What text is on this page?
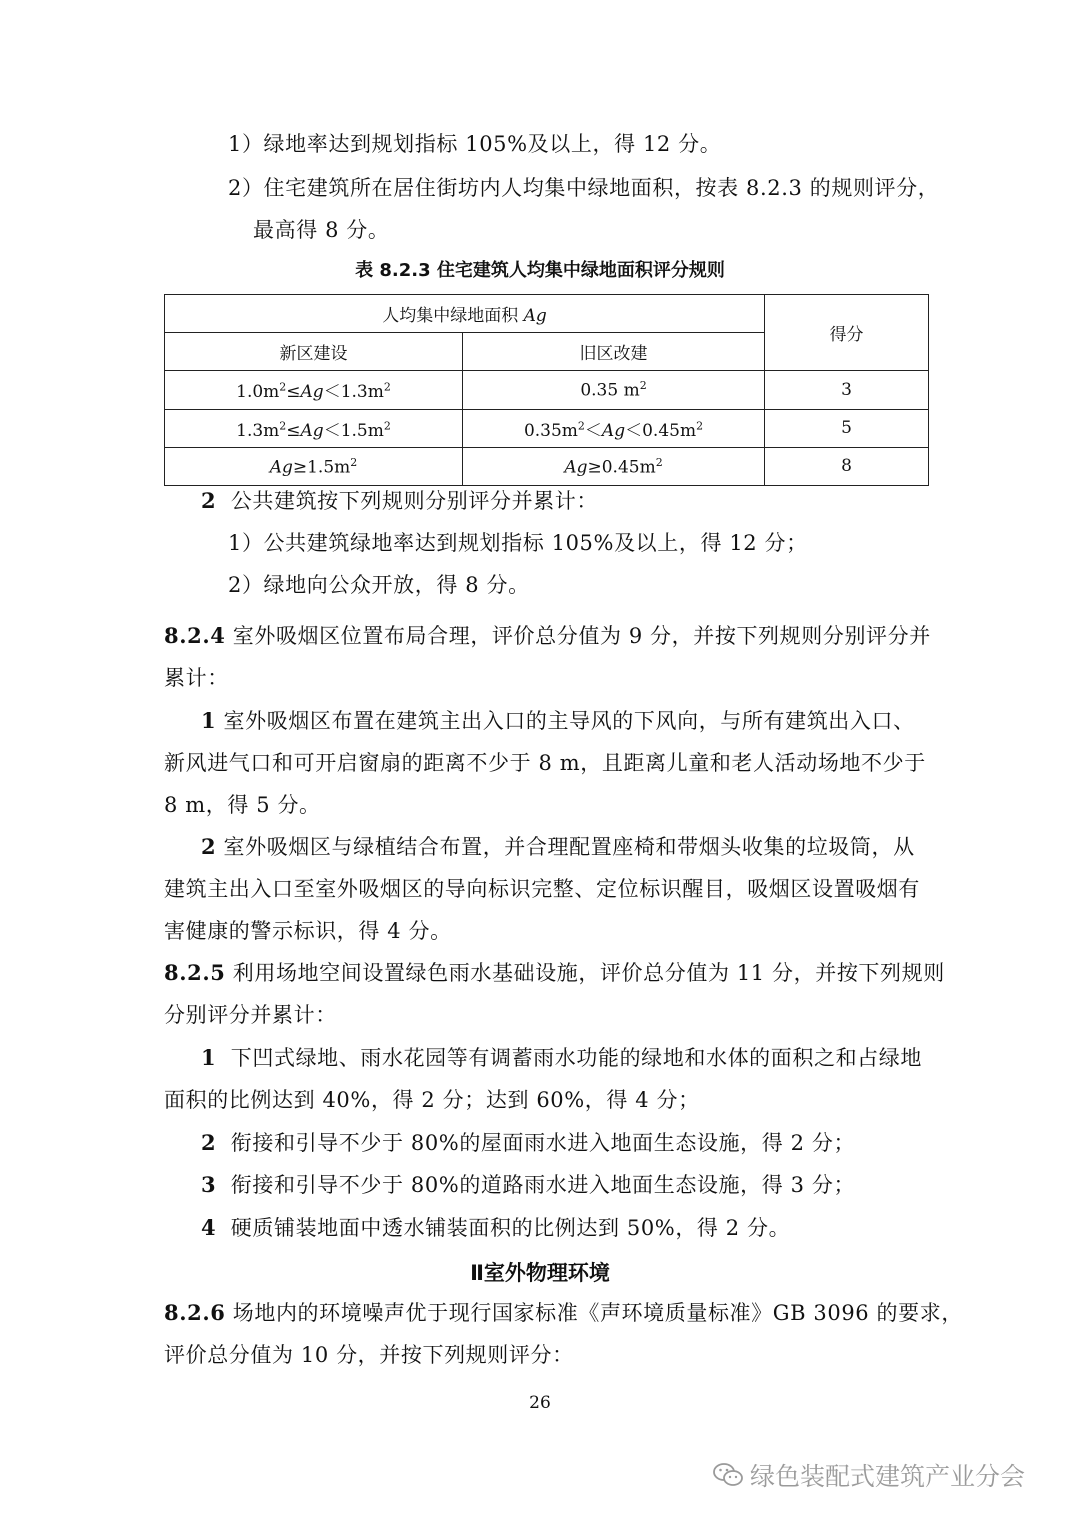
1）绿地率达到规划指标 105%及以上，得 12 分。
2）住宅建筑所在居住街坊内人均集中绿地面积，按表 8.2.3 的规则评分，
最高得 8 分。
表 8.2.3 住宅建筑人均集中绿地面积评分规则
人均集中绿地面积 Ag		得分
新区建设	旧区改建	
$1.0m^2\le Ag<1.3m^2$	0.35 $m^2$	3
$1.3m^2\le Ag<1.5m^2$	$0.35m^2<Ag<0.45m^2$	5
$Ag\ge 1.5m^2$	$Ag\ge 0.45m^2$	8
2 公共建筑按下列规则分别评分并累计：
1）公共建筑绿地率达到规划指标 105%及以上，得 12 分；
2）绿地向公众开放，得 8 分。
8.2.4 室外吸烟区位置布局合理，评价总分值为 9 分，并按下列规则分别评分并
累计：
1 室外吸烟区布置在建筑主出入口的主导风的下风向，与所有建筑出入口、
新风进气口和可开启窗扇的距离不少于 8 m，且距离儿童和老人活动场地不少于
8 m，得 5 分。
2 室外吸烟区与绿植结合布置，并合理配置座椅和带烟头收集的垃圾筒，从
建筑主出入口至室外吸烟区的导向标识完整、定位标识醒目，吸烟区设置吸烟有
害健康的警示标识，得 4 分。
8.2.5 利用场地空间设置绿色雨水基础设施，评价总分值为 11 分，并按下列规则
分别评分并累计：
1 下凹式绿地、雨水花园等有调蓄雨水功能的绿地和水体的面积之和占绿地
面积的比例达到 40%，得 2 分；达到 60%，得 4 分；
2 衔接和引导不少于 80%的屋面雨水进入地面生态设施，得 2 分；
3 衔接和引导不少于 80%的道路雨水进入地面生态设施，得 3 分；
4 硬质铺装地面中透水铺装面积的比例达到 50%，得 2 分。
Ⅱ室外物理环境
8.2.6 场地内的环境噪声优于现行国家标准《声环境质量标准》GB 3096 的要求，
评价总分值为 10 分，并按下列规则评分：
26
绿色装配式建筑产业分会
